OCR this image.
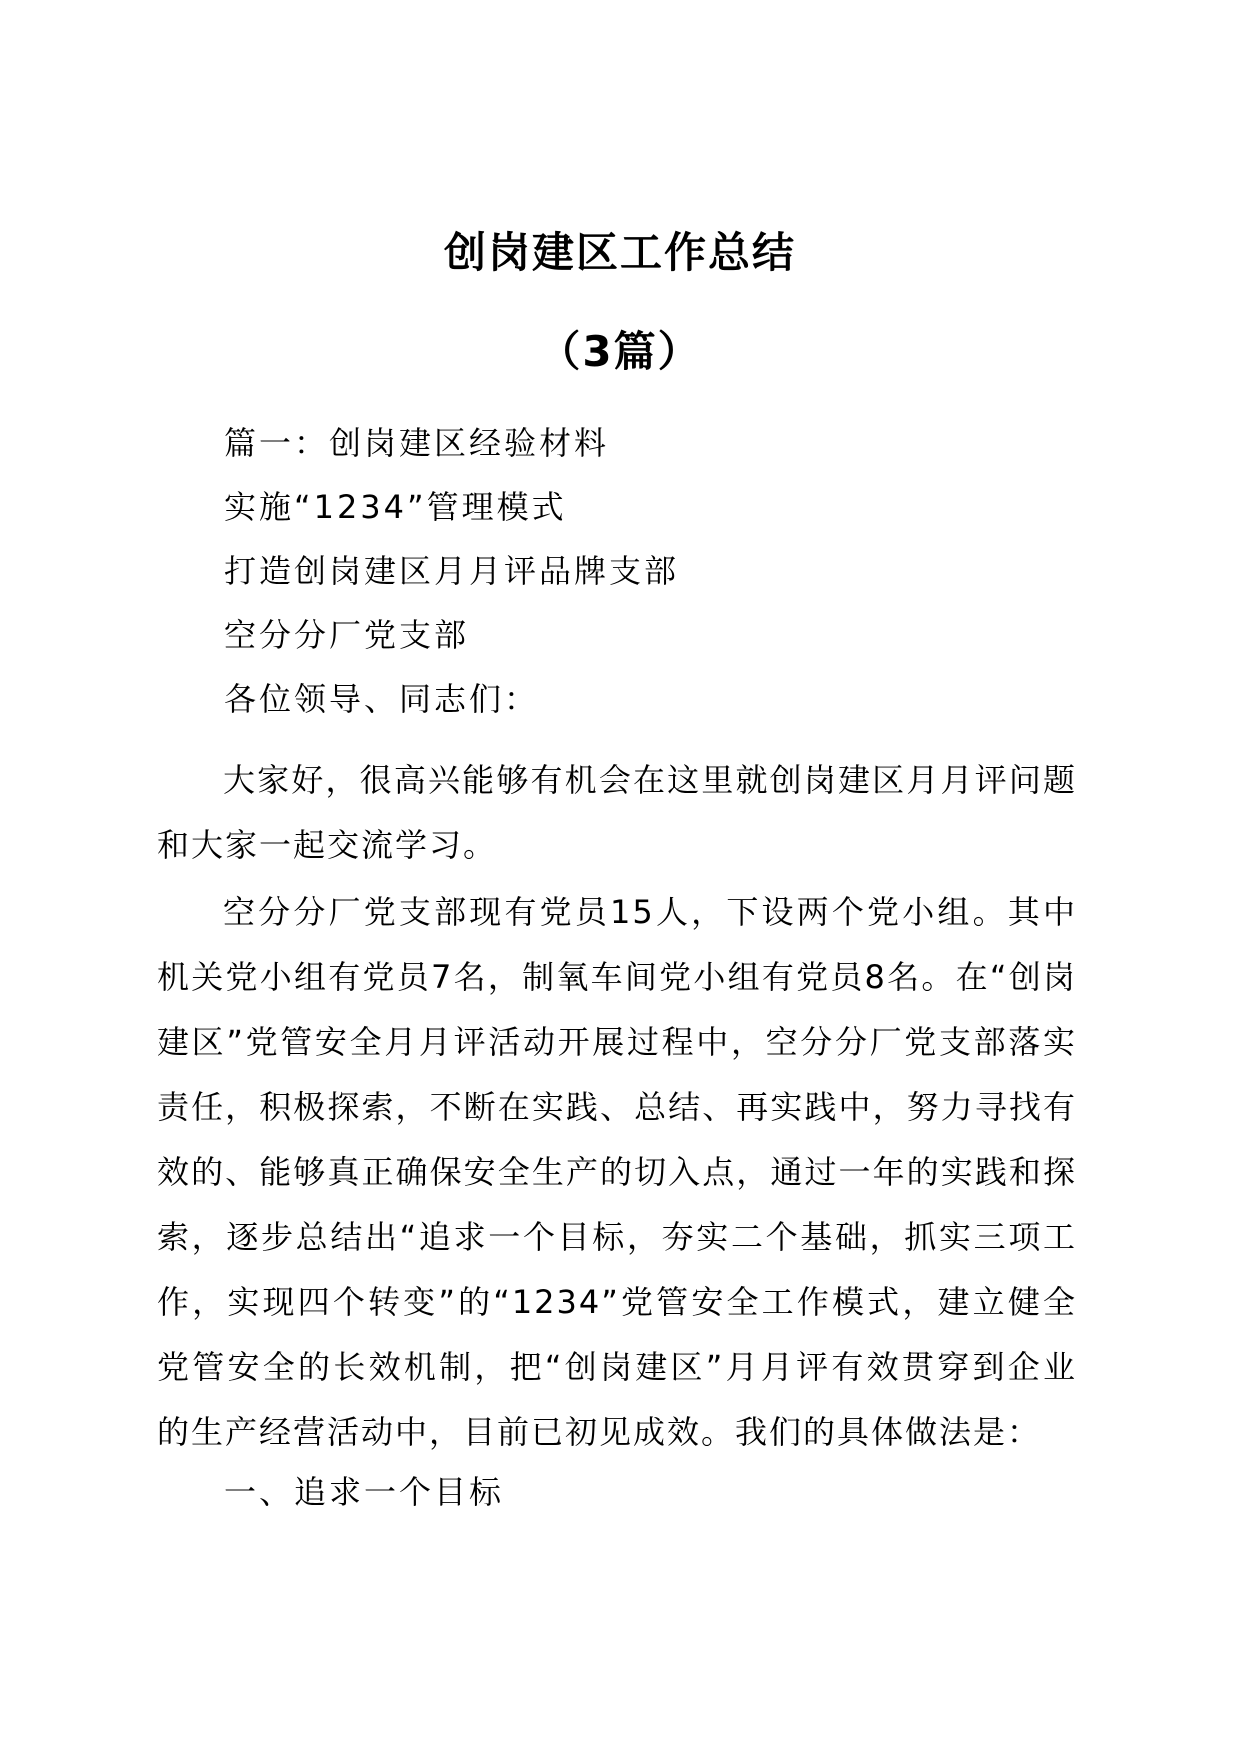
创岗建区工作总结
（3篇）
篇一：创岗建区经验材料
实施“1234”管理模式
打造创岗建区月月评品牌支部
空分分厂党支部
各位领导、同志们：
大家好，很高兴能够有机会在这里就创岗建区月月评问题和大家一起交流学习。
空分分厂党支部现有党员15人，下设两个党小组。其中机关党小组有党员7名，制氧车间党小组有党员8名。在“创岗建区”党管安全月月评活动开展过程中，空分分厂党支部落实责任，积极探索，不断在实践、总结、再实践中，努力寻找有效的、能够真正确保安全生产的切入点，通过一年的实践和探索，逐步总结出“追求一个目标，夯实二个基础，抓实三项工作，实现四个转变”的“1234”党管安全工作模式，建立健全党管安全的长效机制，把“创岗建区”月月评有效贯穿到企业的生产经营活动中，目前已初见成效。我们的具体做法是：
一、追求一个目标
